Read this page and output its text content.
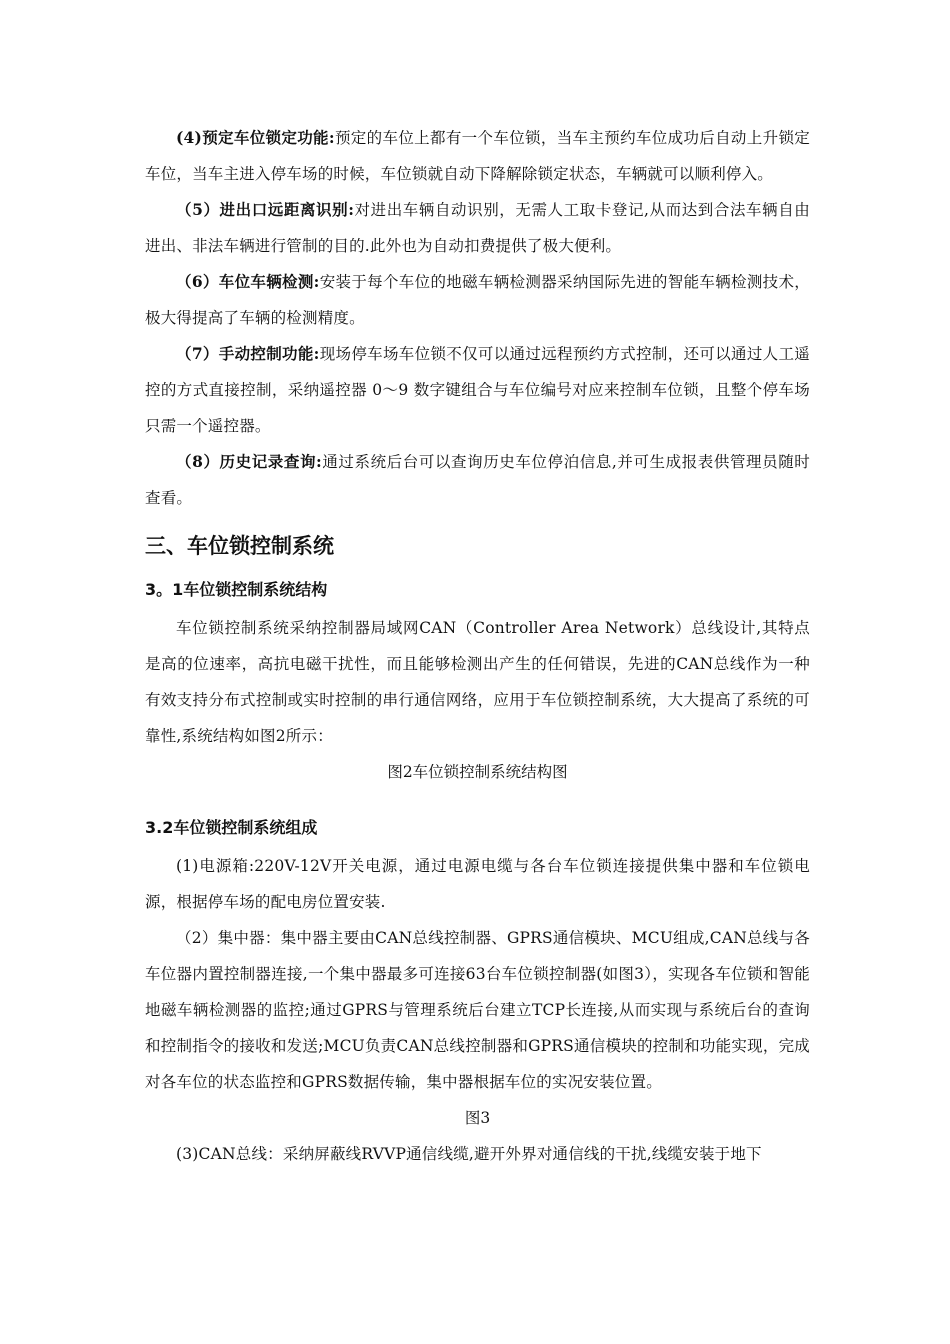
(4)预定车位锁定功能:预定的车位上都有一个车位锁，当车主预约车位成功后自动上升锁定车位，当车主进入停车场的时候，车位锁就自动下降解除锁定状态，车辆就可以顺利停入。

（5）进出口远距离识别:对进出车辆自动识别，无需人工取卡登记,从而达到合法车辆自由进出、非法车辆进行管制的目的.此外也为自动扣费提供了极大便利。

（6）车位车辆检测:安装于每个车位的地磁车辆检测器采纳国际先进的智能车辆检测技术，极大得提高了车辆的检测精度。

（7）手动控制功能:现场停车场车位锁不仅可以通过远程预约方式控制，还可以通过人工遥控的方式直接控制，采纳遥控器 0～9 数字键组合与车位编号对应来控制车位锁，且整个停车场只需一个遥控器。

（8）历史记录查询:通过系统后台可以查询历史车位停泊信息,并可生成报表供管理员随时查看。

三、车位锁控制系统
3。1车位锁控制系统结构

车位锁控制系统采纳控制器局域网CAN（Controller Area Network）总线设计,其特点是高的位速率，高抗电磁干扰性，而且能够检测出产生的任何错误，先进的CAN总线作为一种有效支持分布式控制或实时控制的串行通信网络，应用于车位锁控制系统，大大提高了系统的可靠性,系统结构如图2所示：

图2车位锁控制系统结构图

3.2车位锁控制系统组成

(1)电源箱:220V-12V开关电源，通过电源电缆与各台车位锁连接提供集中器和车位锁电源，根据停车场的配电房位置安装.

（2）集中器：集中器主要由CAN总线控制器、GPRS通信模块、MCU组成,CAN总线与各车位器内置控制器连接,一个集中器最多可连接63台车位锁控制器(如图3），实现各车位锁和智能地磁车辆检测器的监控;通过GPRS与管理系统后台建立TCP长连接,从而实现与系统后台的查询和控制指令的接收和发送;MCU负责CAN总线控制器和GPRS通信模块的控制和功能实现，完成对各车位的状态监控和GPRS数据传输，集中器根据车位的实况安装位置。

图3

(3)CAN总线：采纳屏蔽线RVVP通信线缆,避开外界对通信线的干扰,线缆安装于地下
